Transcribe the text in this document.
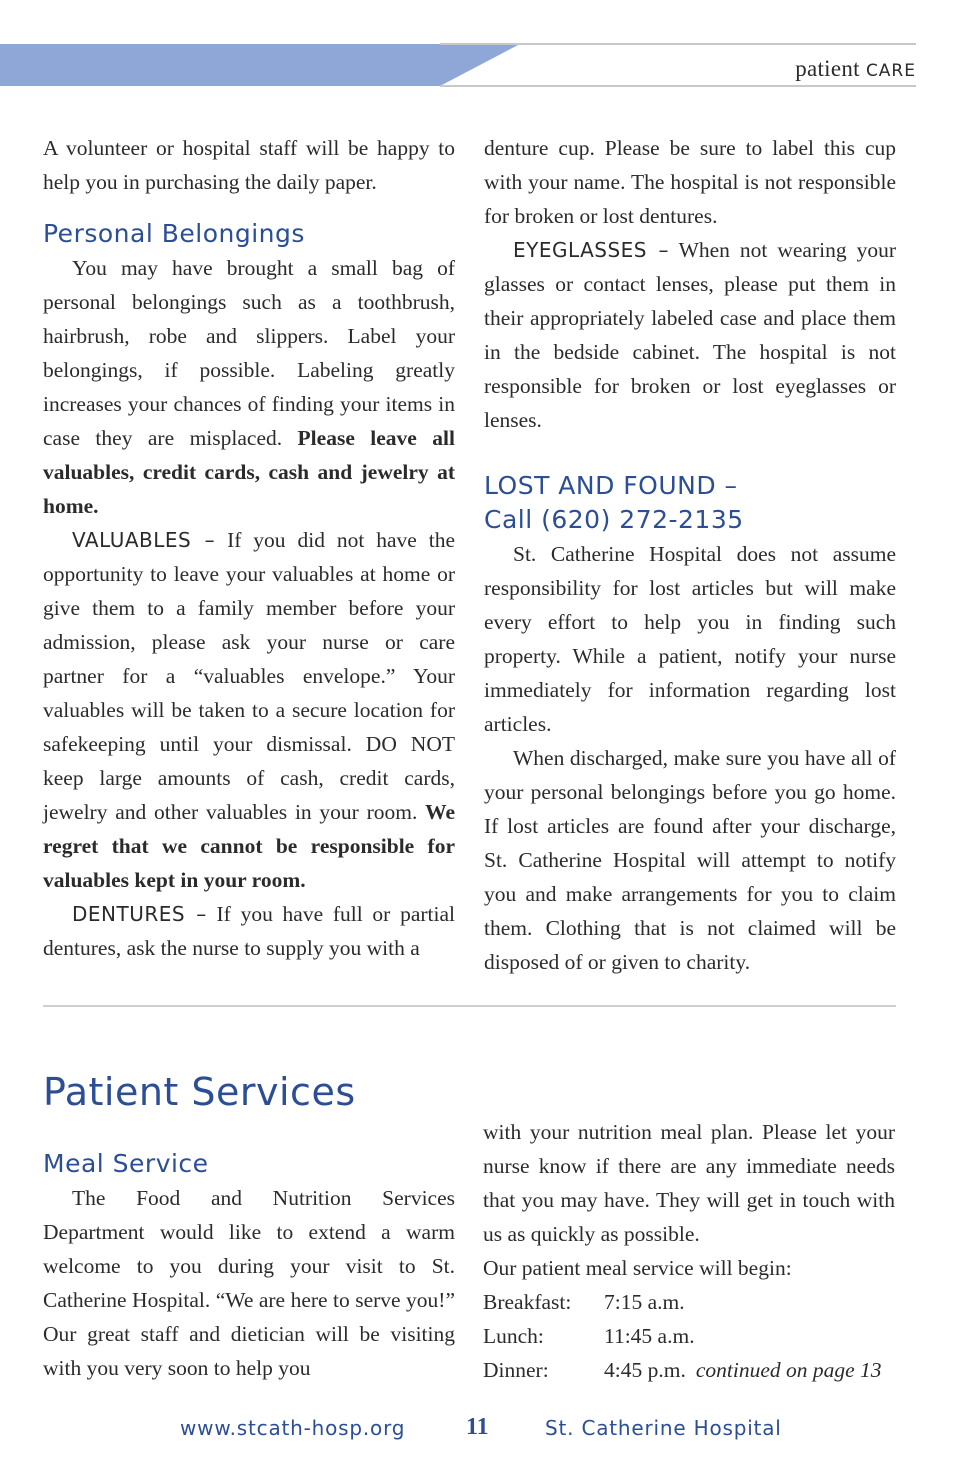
patient CARE

A volunteer or hospital staff will be happy to help you in purchasing the daily paper.

Personal Belongings

You may have brought a small bag of personal belongings such as a toothbrush, hairbrush, robe and slippers. Label your belongings, if possible. Labeling greatly increases your chances of finding your items in case they are misplaced. Please leave all valuables, credit cards, cash and jewelry at home.

VALUABLES – If you did not have the opportunity to leave your valuables at home or give them to a family member before your admission, please ask your nurse or care partner for a “valuables envelope.” Your valuables will be taken to a secure location for safekeeping until your dismissal. DO NOT keep large amounts of cash, credit cards, jewelry and other valuables in your room. We regret that we cannot be responsible for valuables kept in your room.

DENTURES – If you have full or partial dentures, ask the nurse to supply you with a

denture cup. Please be sure to label this cup with your name. The hospital is not responsible for broken or lost dentures.

EYEGLASSES – When not wearing your glasses or contact lenses, please put them in their appropriately labeled case and place them in the bedside cabinet. The hospital is not responsible for broken or lost eyeglasses or lenses.

LOST AND FOUND –
Call (620) 272-2135

St. Catherine Hospital does not assume responsibility for lost articles but will make every effort to help you in finding such property. While a patient, notify your nurse immediately for information regarding lost articles.

When discharged, make sure you have all of your personal belongings before you go home. If lost articles are found after your discharge, St. Catherine Hospital will attempt to notify you and make arrangements for you to claim them. Clothing that is not claimed will be disposed of or given to charity.

Patient Services
Meal Service

The Food and Nutrition Services Department would like to extend a warm welcome to you during your visit to St. Catherine Hospital. “We are here to serve you!” Our great staff and dietician will be visiting with you very soon to help you

with your nutrition meal plan. Please let your nurse know if there are any immediate needs that you may have. They will get in touch with us as quickly as possible.

Our patient meal service will begin:

Breakfast:	7:15 a.m.
Lunch:	11:45 a.m.
Dinner:	4:45 p.m. continued on page 13
www.stcath-hosp.org	11	St. Catherine Hospital
